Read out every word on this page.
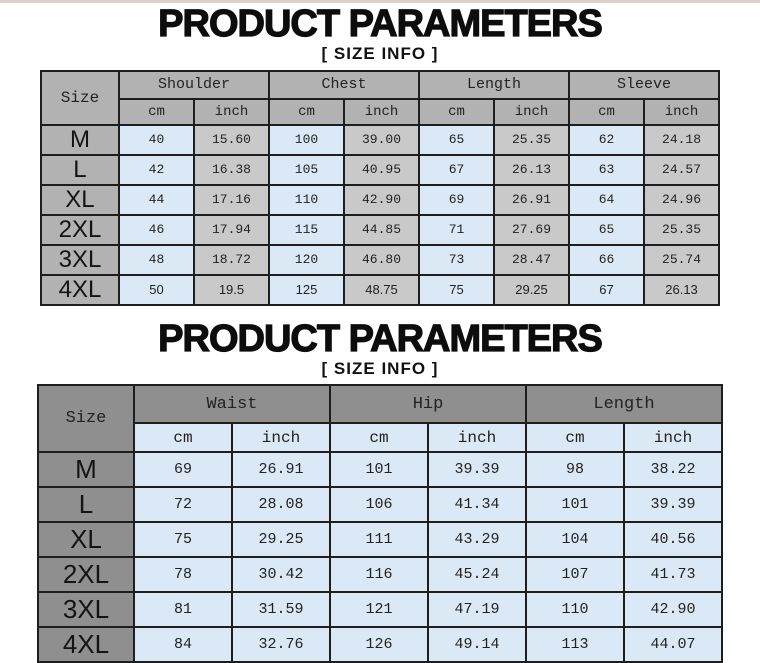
PRODUCT PARAMETERS
[ SIZE INFO ]
Size	Shoulder		Chest		Length		Sleeve	
	cm	inch	cm	inch	cm	inch	cm	inch
M	40	15.60	100	39.00	65	25.35	62	24.18
L	42	16.38	105	40.95	67	26.13	63	24.57
XL	44	17.16	110	42.90	69	26.91	64	24.96
2XL	46	17.94	115	44.85	71	27.69	65	25.35
3XL	48	18.72	120	46.80	73	28.47	66	25.74
4XL	50	19.5	125	48.75	75	29.25	67	26.13
PRODUCT PARAMETERS
[ SIZE INFO ]
Size	Waist		Hip		Length	
	cm	inch	cm	inch	cm	inch
M	69	26.91	101	39.39	98	38.22
L	72	28.08	106	41.34	101	39.39
XL	75	29.25	111	43.29	104	40.56
2XL	78	30.42	116	45.24	107	41.73
3XL	81	31.59	121	47.19	110	42.90
4XL	84	32.76	126	49.14	113	44.07
